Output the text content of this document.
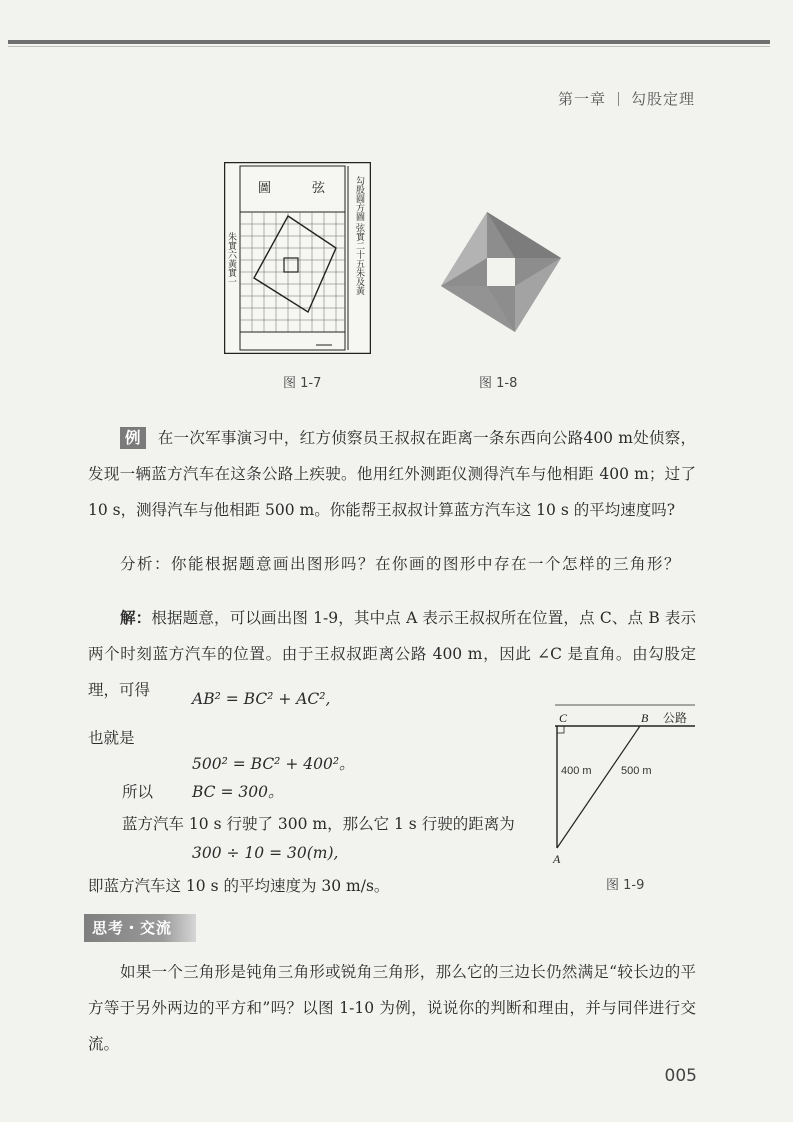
第一章 勾股定理
圖	弦	勾股圓方圖 弦實二十五朱及黃
朱實六黃實一
图 1-7	图 1-8
例 在一次军事演习中，红方侦察员王叔叔在距离一条东西向公路400 m处侦察，发现一辆蓝方汽车在这条公路上疾驶。他用红外测距仪测得汽车与他相距 400 m；过了 10 s，测得汽车与他相距 500 m。你能帮王叔叔计算蓝方汽车这 10 s 的平均速度吗?
分析：你能根据题意画出图形吗？在你画的图形中存在一个怎样的三角形？
解：根据题意，可以画出图 1-9，其中点 A 表示王叔叔所在位置，点 C、点 B 表示两个时刻蓝方汽车的位置。由于王叔叔距离公路 400 m，因此 ∠C 是直角。由勾股定理，可得	AB² = BC² + AC²,
也就是
500² = BC² + 400²。
所以	BC = 300。
蓝方汽车 10 s 行驶了 300 m，那么它 1 s 行驶的距离为
300 ÷ 10 = 30(m),
即蓝方汽车这 10 s 的平均速度为 30 m/s。
C	B 公路
400 m	500 m
A
图 1-9
思考・交流
如果一个三角形是钝角三角形或锐角三角形，那么它的三边长仍然满足“较长边的平方等于另外两边的平方和”吗？以图 1-10 为例，说说你的判断和理由，并与同伴进行交流。
005
